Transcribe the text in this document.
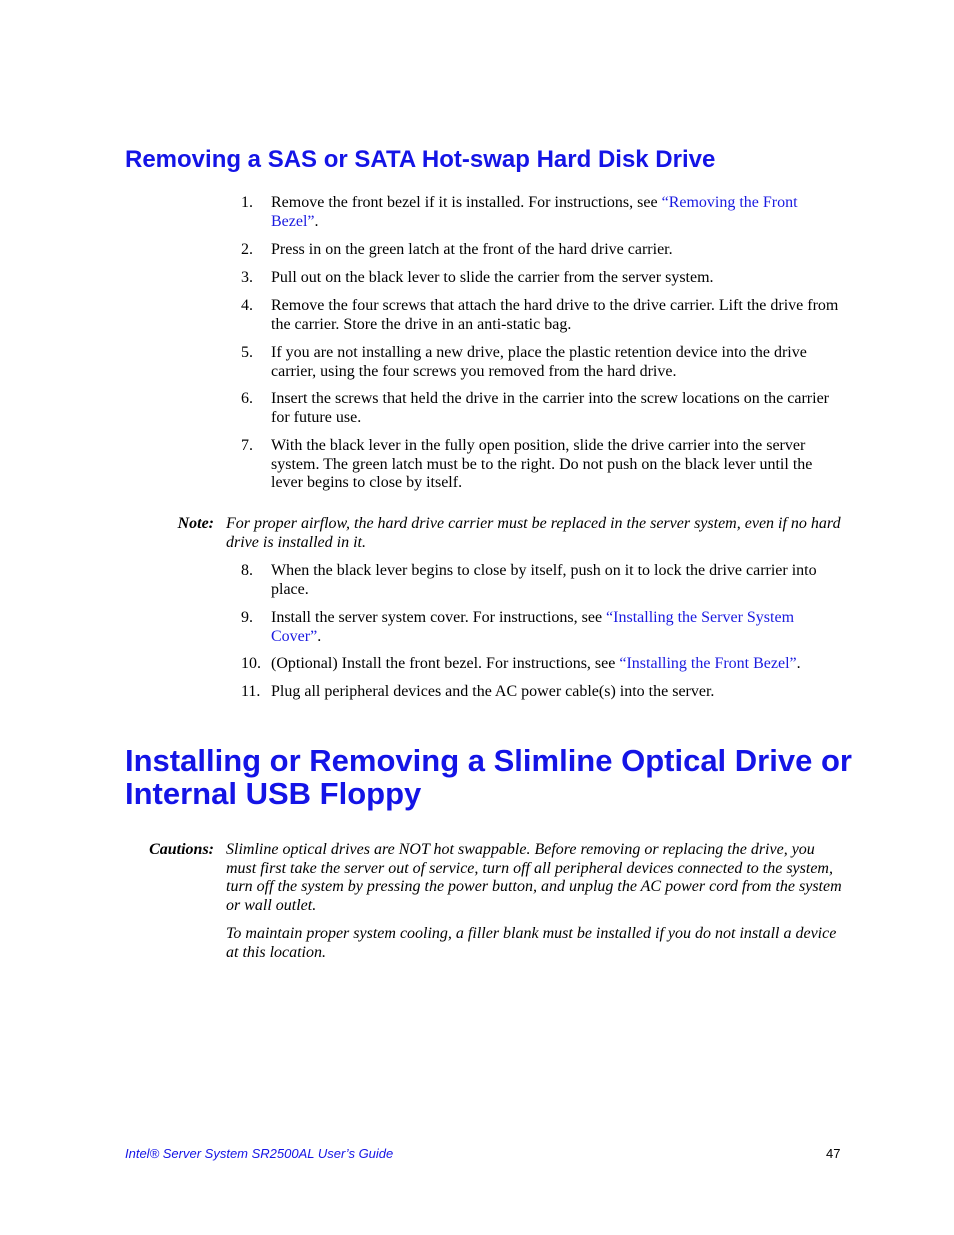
Removing a SAS or SATA Hot-swap Hard Disk Drive
1. Remove the front bezel if it is installed. For instructions, see “Removing the Front Bezel”.
2. Press in on the green latch at the front of the hard drive carrier.
3. Pull out on the black lever to slide the carrier from the server system.
4. Remove the four screws that attach the hard drive to the drive carrier. Lift the drive from the carrier. Store the drive in an anti-static bag.
5. If you are not installing a new drive, place the plastic retention device into the drive carrier, using the four screws you removed from the hard drive.
6. Insert the screws that held the drive in the carrier into the screw locations on the carrier for future use.
7. With the black lever in the fully open position, slide the drive carrier into the server system. The green latch must be to the right. Do not push on the black lever until the lever begins to close by itself.
Note: For proper airflow, the hard drive carrier must be replaced in the server system, even if no hard drive is installed in it.
8. When the black lever begins to close by itself, push on it to lock the drive carrier into place.
9. Install the server system cover. For instructions, see “Installing the Server System Cover”.
10. (Optional) Install the front bezel. For instructions, see “Installing the Front Bezel”.
11. Plug all peripheral devices and the AC power cable(s) into the server.
Installing or Removing a Slimline Optical Drive or Internal USB Floppy
Cautions: Slimline optical drives are NOT hot swappable. Before removing or replacing the drive, you must first take the server out of service, turn off all peripheral devices connected to the system, turn off the system by pressing the power button, and unplug the AC power cord from the system or wall outlet.
To maintain proper system cooling, a filler blank must be installed if you do not install a device at this location.
Intel® Server System SR2500AL User’s Guide	47
